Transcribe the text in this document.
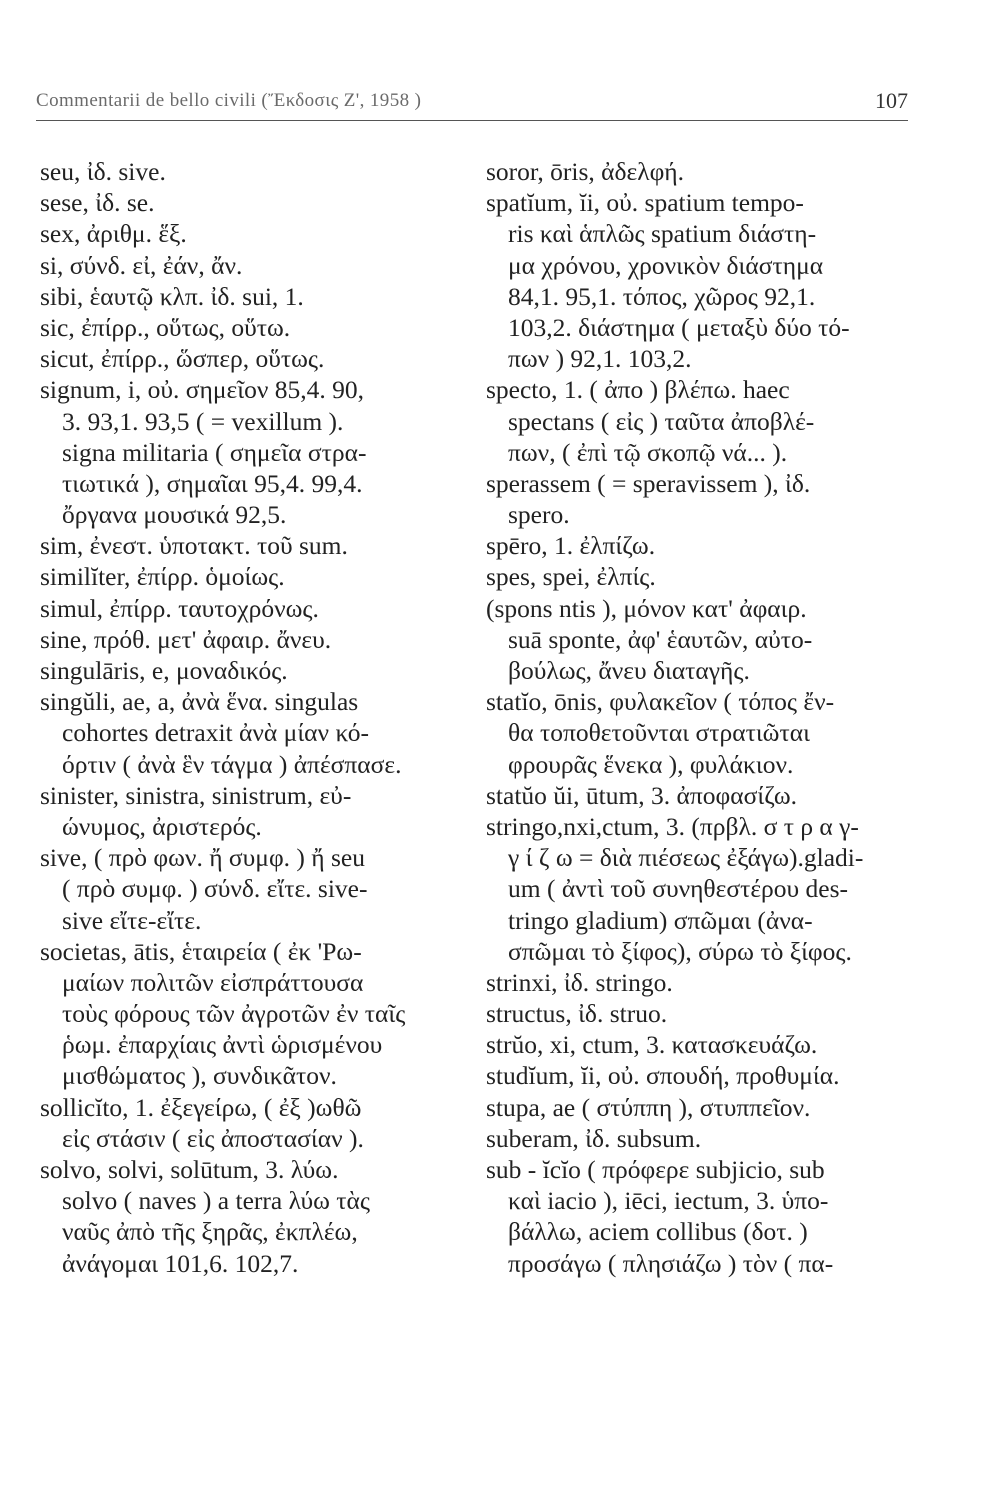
Commentarii de bello civili (Ἔκδοσις Ζ', 1958 )	107
seu, ἰδ. sive.
sese, ἰδ. se.
sex, ἀριθμ. ἕξ.
si, σύνδ. εἰ, ἐάν, ἄν.
sibi, ἑαυτῷ κλπ. ἰδ. sui, 1.
sic, ἐπίρρ., οὕτως, οὕτω.
sicut, ἐπίρρ., ὥσπερ, οὕτως.
signum, i, οὐ. σημεῖον 85,4. 90,
3. 93,1. 93,5 ( = vexillum ).
signa militaria ( σημεῖα στρα-
τιωτικά ), σημαῖαι 95,4. 99,4.
ὄργανα μουσικά 92,5.
sim, ἐνεστ. ὑποτακτ. τοῦ sum.
similĭter, ἐπίρρ. ὁμοίως.
simul, ἐπίρρ. ταυτοχρόνως.
sine, πρόθ. μετ' ἀφαιρ. ἄνευ.
singulāris, e, μοναδικός.
singŭli, ae, a, ἀνὰ ἕνα. singulas
cohortes detraxit ἀνὰ μίαν κό-
όρτιν ( ἀνὰ ἓν τάγμα ) ἀπέσπασε.
sinister, sinistra, sinistrum, εὐ-
ώνυμος, ἀριστερός.
sive, ( πρὸ φων. ἤ συμφ. ) ἤ seu
( πρὸ συμφ. ) σύνδ. εἴτε. sive-
sive εἴτε-εἴτε.
societas, ātis, ἑταιρεία ( ἐκ 'Ρω-
μαίων πολιτῶν εἰσπράττουσα
τοὺς φόρους τῶν ἀγροτῶν ἐν ταῖς
ῥωμ. ἐπαρχίαις ἀντὶ ὡρισμένου
μισθώματος ), συνδικᾶτον.
sollicĭto, 1. ἐξεγείρω, ( ἐξ )ωθῶ
εἰς στάσιν ( εἰς ἀποστασίαν ).
solvo, solvi, solūtum, 3. λύω.
solvo ( naves ) a terra λύω τὰς
ναῦς ἀπὸ τῆς ξηρᾶς, ἐκπλέω,
ἀνάγομαι 101,6. 102,7.
soror, ōris, ἀδελφή.
spatĭum, ĭi, οὐ. spatium tempo-
ris καὶ ἁπλῶς spatium διάστη-
μα χρόνου, χρονικὸν διάστημα
84,1. 95,1. τόπος, χῶρος 92,1.
103,2. διάστημα ( μεταξὺ δύο τό-
πων ) 92,1. 103,2.
specto, 1. ( ἀπο ) βλέπω. haec
spectans ( εἰς ) ταῦτα ἀποβλέ-
πων, ( ἐπὶ τῷ σκοπῷ νά... ).
sperassem ( = speravissem ), ἰδ.
spero.
spēro, 1. ἐλπίζω.
spes, spei, ἐλπίς.
(spons ntis ), μόνον κατ' ἀφαιρ.
suā sponte, ἀφ' ἑαυτῶν, αὐτο-
βούλως, ἄνευ διαταγῆς.
statĭo, ōnis, φυλακεῖον ( τόπος ἔν-
θα τοποθετοῦνται στρατιῶται
φρουρᾶς ἕνεκα ), φυλάκιον.
statŭo ŭi, ūtum, 3. ἀποφασίζω.
stringo,nxi,ctum, 3. (πρβλ. σ τ ρ α γ-
γ ί ζ ω = διὰ πιέσεως ἐξάγω).gladi-
um ( ἀντὶ τοῦ συνηθεστέρου des-
tringo gladium) σπῶμαι (ἀνα-
σπῶμαι τὸ ξίφος), σύρω τὸ ξίφος.
strinxi, ἰδ. stringo.
structus, ἰδ. struo.
strŭo, xi, ctum, 3. κατασκευάζω.
studĭum, ĭi, οὐ. σπουδή, προθυμία.
stupa, ae ( στύππη ), στυππεῖον.
suberam, ἰδ. subsum.
sub - ĭcĭo ( πρόφερε subjicio, sub
καὶ iacio ), iēci, iectum, 3. ὑπο-
βάλλω, aciem collibus (δοτ. )
προσάγω ( πλησιάζω ) τὸν ( πα-
